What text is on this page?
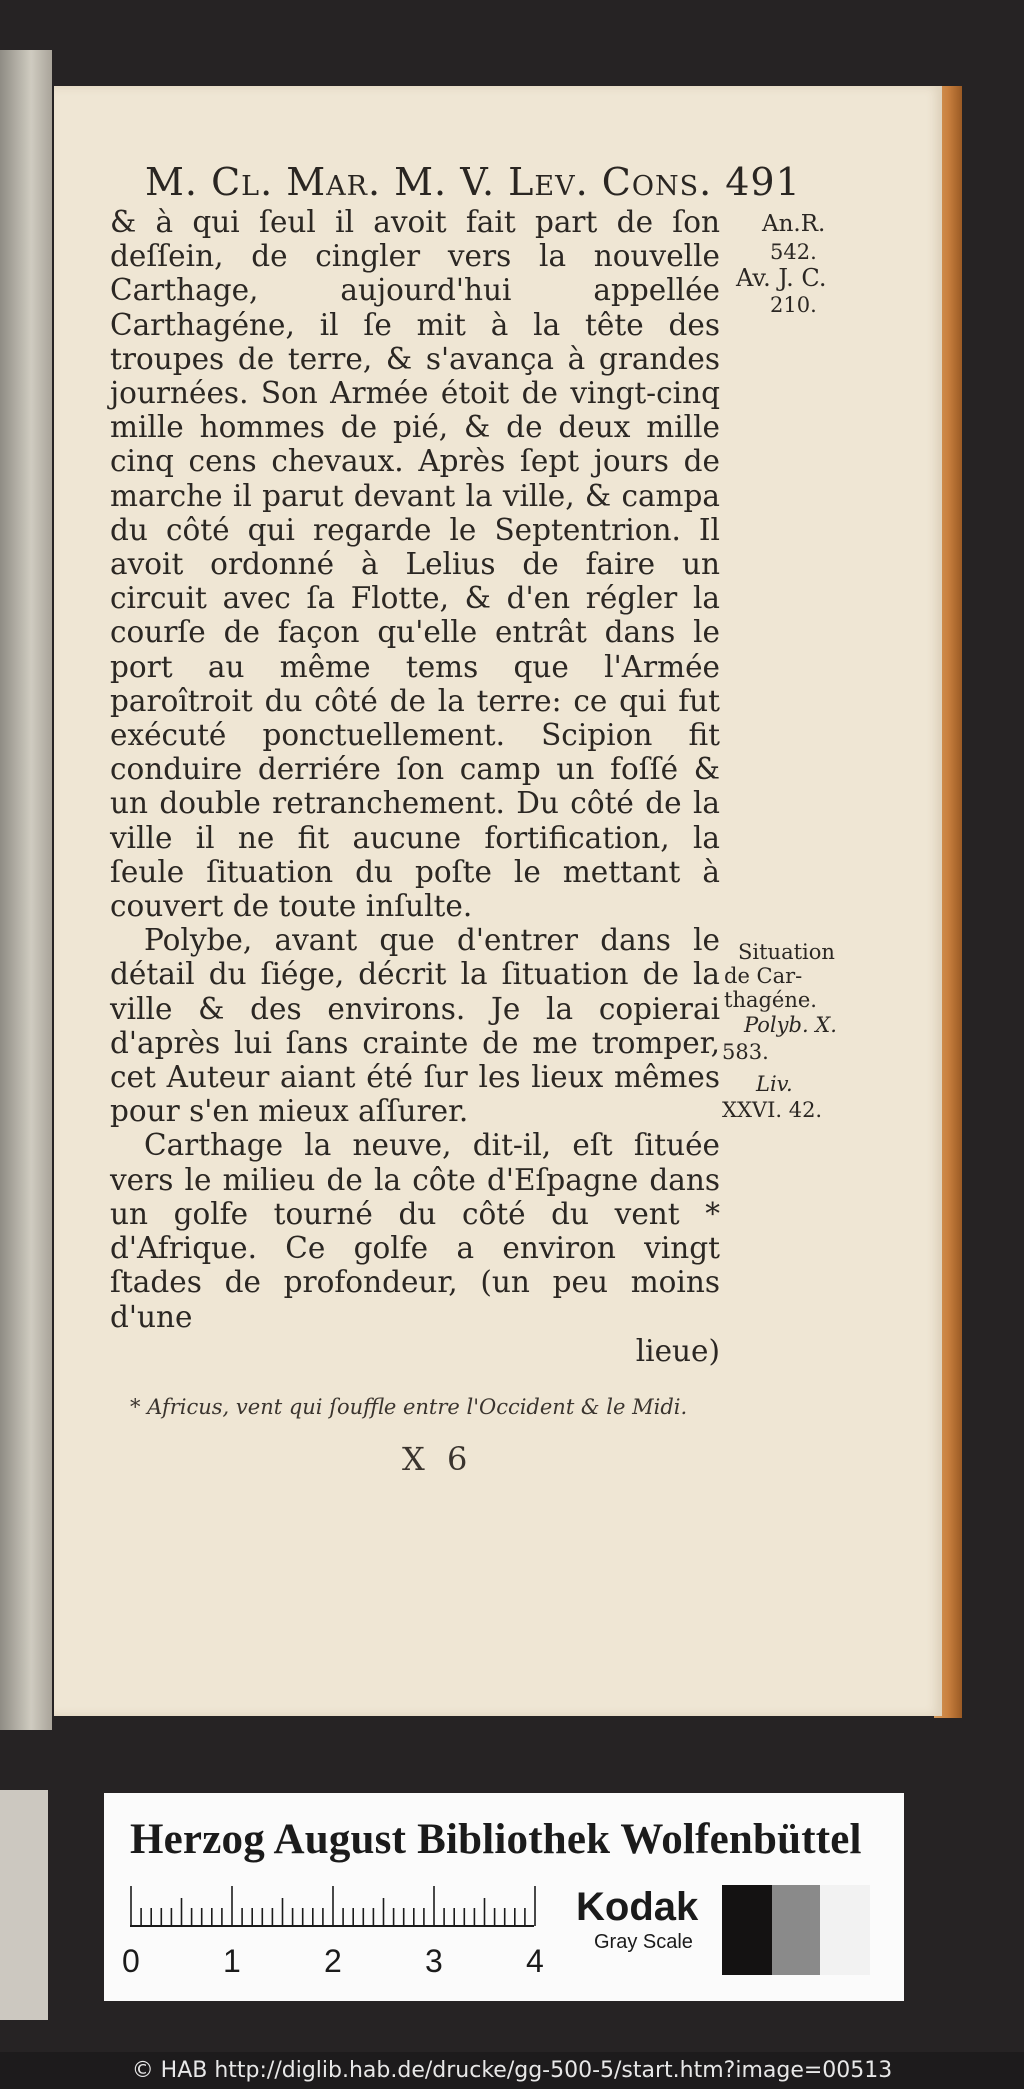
M. Cl. Mar. M. V. Lev. Cons. 491

& à qui ſeul il avoit fait part de ſon deſſein, de cingler vers la nouvelle Carthage, aujourd'hui appellée Carthagéne, il ſe mit à la tête des troupes de terre, & s'avança à grandes journées. Son Armée étoit de vingt-cinq mille hommes de pié, & de deux mille cinq cens chevaux. Après ſept jours de marche il parut devant la ville, & campa du côté qui regarde le Septentrion. Il avoit ordonné à Lelius de faire un circuit avec ſa Flotte, & d'en régler la courſe de façon qu'elle entrât dans le port au même tems que l'Armée paroîtroit du côté de la terre: ce qui fut exécuté ponctuellement. Scipion fit conduire derriére ſon camp un foſſé & un double retranchement. Du côté de la ville il ne fit aucune fortification, la ſeule ſituation du poſte le mettant à couvert de toute inſulte.

Polybe, avant que d'entrer dans le détail du ſiége, décrit la ſituation de la ville & des environs. Je la copierai d'après lui ſans crainte de me tromper, cet Auteur aiant été ſur les lieux mêmes pour s'en mieux aſſurer.

Carthage la neuve, dit-il, eſt ſituée vers le milieu de la côte d'Eſpagne dans un golfe tourné du côté du vent * d'Afrique. Ce golfe a environ vingt ſtades de profondeur, (un peu moins d'une

lieue)

An.R.
542.
Av. J. C.
210.
Situation
de Car-
thagéne.
Polyb. X.
583.
Liv.
XXVI. 42.
* Africus, vent qui ſouffle entre l'Occident & le Midi.
X 6
Herzog August Bibliothek Wolfenbüttel
0	1	2	3	4
Kodak
Gray Scale
© HAB http://diglib.hab.de/drucke/gg-500-5/start.htm?image=00513
